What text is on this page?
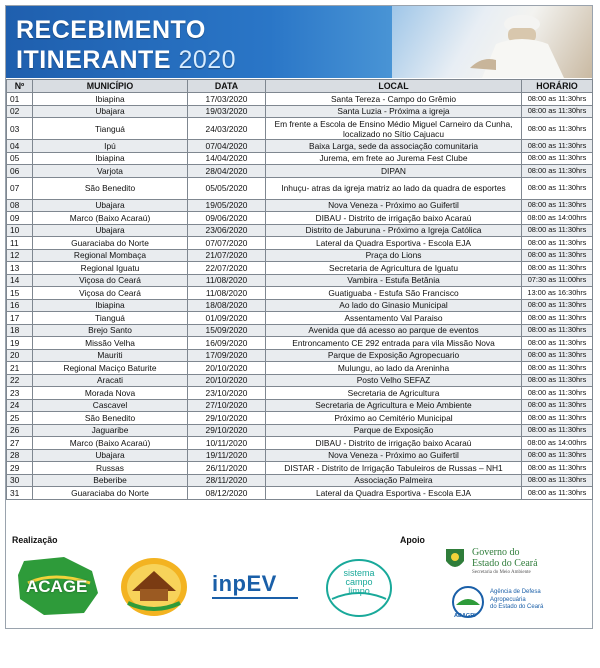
RECEBIMENTO
ITINERANTE 2020
Nº	MUNICÍPIO	DATA	LOCAL	HORÁRIO
01	Ibiapina	17/03/2020	Santa Tereza - Campo do Grêmio	08:00 as 11:30hrs
02	Ubajara	19/03/2020	Santa Luzia - Próxima a igreja	08:00 as 11:30hrs
03	Tianguá	24/03/2020	Em frente a Escola de Ensino Médio Miguel Carneiro da Cunha, localizado no Sítio Cajuacu	08:00 as 11:30hrs
04	Ipú	07/04/2020	Baixa Larga, sede da associação comunitaria	08:00 as 11:30hrs
05	Ibiapina	14/04/2020	Jurema, em frete ao Jurema Fest Clube	08:00 as 11:30hrs
06	Varjota	28/04/2020	DIPAN	08:00 as 11:30hrs
07	São Benedito	05/05/2020	Inhuçu- atras da igreja matriz ao lado da quadra de esportes	08:00 as 11:30hrs
08	Ubajara	19/05/2020	Nova Veneza - Próximo ao Guifertil	08:00 as 11:30hrs
09	Marco (Baixo Acaraú)	09/06/2020	DIBAU - Distrito de irrigação baixo Acaraú	08:00 as 14:00hrs
10	Ubajara	23/06/2020	Distrito de Jaburuna - Próximo a Igreja Católica	08:00 as 11:30hrs
11	Guaraciaba do Norte	07/07/2020	Lateral da Quadra Esportiva - Escola EJA	08:00 as 11:30hrs
12	Regional Mombaça	21/07/2020	Praça do Lions	08:00 as 11:30hrs
13	Regional Iguatu	22/07/2020	Secretaria de Agricultura de Iguatu	08:00 as 11:30hrs
14	Viçosa do Ceará	11/08/2020	Vambira - Estufa Betânia	07:30 as 11:00hrs
15	Viçosa do Ceará	11/08/2020	Guatiguaba - Estufa São Francisco	13:00 as 16:30hrs
16	Ibiapina	18/08/2020	Ao lado do Ginasio Municipal	08:00 as 11:30hrs
17	Tianguá	01/09/2020	Assentamento Val Paraiso	08:00 as 11:30hrs
18	Brejo Santo	15/09/2020	Avenida que dá acesso ao parque de eventos	08:00 as 11:30hrs
19	Missão Velha	16/09/2020	Entroncamento CE 292 entrada para vila Missão Nova	08:00 as 11:30hrs
20	Mauriti	17/09/2020	Parque de Exposição Agropecuario	08:00 as 11:30hrs
21	Regional Maciço Baturite	20/10/2020	Mulungu, ao lado da Areninha	08:00 as 11:30hrs
22	Aracati	20/10/2020	Posto Velho SEFAZ	08:00 as 11:30hrs
23	Morada Nova	23/10/2020	Secretaria de Agricultura	08:00 as 11:30hrs
24	Cascavel	27/10/2020	Secretaria de Agricultura e Meio Ambiente	08:00 as 11:30hrs
25	São Benedito	29/10/2020	Próximo ao Cemitério Municipal	08:00 as 11:30hrs
26	Jaguaribe	29/10/2020	Parque de Exposição	08:00 as 11:30hrs
27	Marco (Baixo Acaraú)	10/11/2020	DIBAU - Distrito de irrigação baixo Acaraú	08:00 as 14:00hrs
28	Ubajara	19/11/2020	Nova Veneza - Próximo ao Guifertil	08:00 as 11:30hrs
29	Russas	26/11/2020	DISTAR - Distrito de Irrigação Tabuleiros de Russas – NH1	08:00 as 11:30hrs
30	Beberibe	28/11/2020	Associação Palmeira	08:00 as 11:30hrs
31	Guaraciaba do Norte	08/12/2020	Lateral da Quadra Esportiva - Escola EJA	08:00 as 11:30hrs
Realização	Apoio
ACAGE	inpEV	sistema
campo
limpo
Governo do
Estado do Ceará
Secretaria do Meio Ambiente
ADAGRI
Agência de Defesa
Agropecuária
do Estado do Ceará
